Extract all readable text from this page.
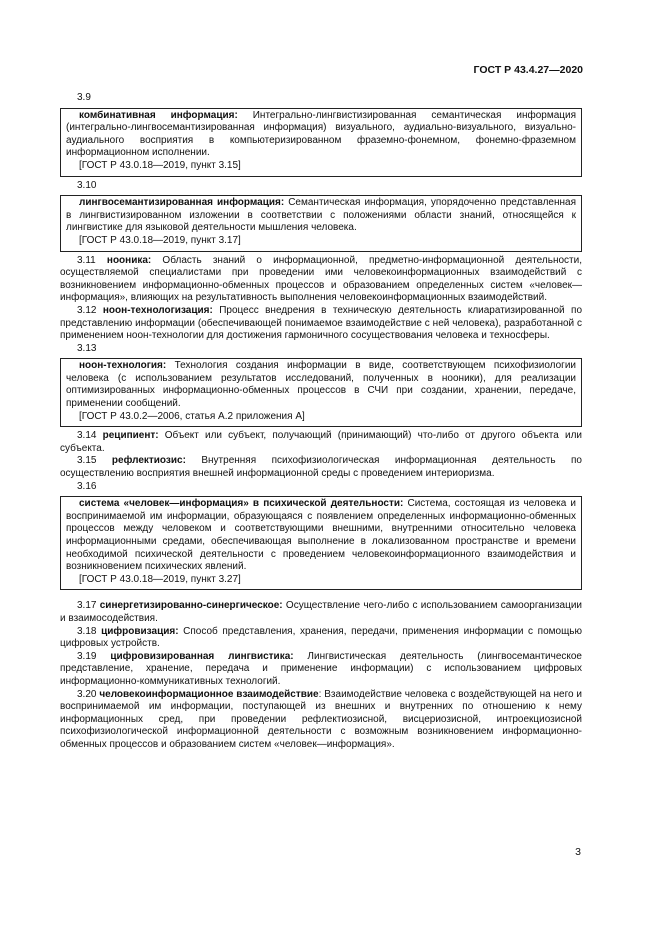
ГОСТ Р 43.4.27—2020
3.9
комбинативная информация: Интегрально-лингвистизированная семантическая информация (интегрально-лингвосемантизированная информация) визуального, аудиально-визуального, визуально-аудиального восприятия в компьютеризированном фраземно-фонемном, фонемно-фраземном информационном исполнении.
[ГОСТ Р 43.0.18—2019, пункт 3.15]
3.10
лингвосемантизированная информация: Семантическая информация, упорядоченно представленная в лингвистизированном изложении в соответствии с положениями области знаний, относящейся к лингвистике для языковой деятельности мышления человека.
[ГОСТ Р 43.0.18—2019, пункт 3.17]

3.11 нооника: Область знаний о информационной, предметно-информационной деятельности, осуществляемой специалистами при проведении ими человекоинформационных взаимодействий с возникновением информационно-обменных процессов и образованием определенных систем «человек—информация», влияющих на результативность выполнения человекоинформационных взаимодействий.

3.12 ноон-технологизация: Процесс внедрения в техническую деятельность клиаратизированной по представлению информации (обеспечивающей понимаемое взаимодействие с ней человека), разработанной с применением ноон-технологии для достижения гармоничного сосуществования человека и техносферы.

3.13
ноон-технология: Технология создания информации в виде, соответствующем психофизиологии человека (с использованием результатов исследований, полученных в нооники), для реализации оптимизированных информационно-обменных процессов в СЧИ при создании, хранении, передаче, применении сообщений.
[ГОСТ Р 43.0.2—2006, статья А.2 приложения А]

3.14 реципиент: Объект или субъект, получающий (принимающий) что-либо от другого объекта или субъекта.

3.15 рефлектиозис: Внутренняя психофизиологическая информационная деятельность по осуществлению восприятия внешней информационной среды с проведением интериоризма.

3.16
система «человек—информация» в психической деятельности: Система, состоящая из человека и воспринимаемой им информации, образующаяся с появлением определенных информационно-обменных процессов между человеком и соответствующими внешними, внутренними относительно человека информационными средами, обеспечивающая выполнение в локализованном пространстве и времени необходимой психической деятельности с проведением человекоинформационного взаимодействия и возникновением психических явлений.
[ГОСТ Р 43.0.18—2019, пункт 3.27]

3.17 синергетизированно-синергическое: Осуществление чего-либо с использованием самоорганизации и взаимосодействия.

3.18 цифровизация: Способ представления, хранения, передачи, применения информации с помощью цифровых устройств.

3.19 цифровизированная лингвистика: Лингвистическая деятельность (лингвосемантическое представление, хранение, передача и применение информации) с использованием цифровых информационно-коммуникативных технологий.

3.20 человекоинформационное взаимодействие: Взаимодействие человека с воздействующей на него и воспринимаемой им информации, поступающей из внешних и внутренних по отношению к нему информационных сред, при проведении рефлектиозисной, висцериозисной, интроекциозисной психофизиологической информационной деятельности с возможным возникновением информационно-обменных процессов и образованием систем «человек—информация».

3
